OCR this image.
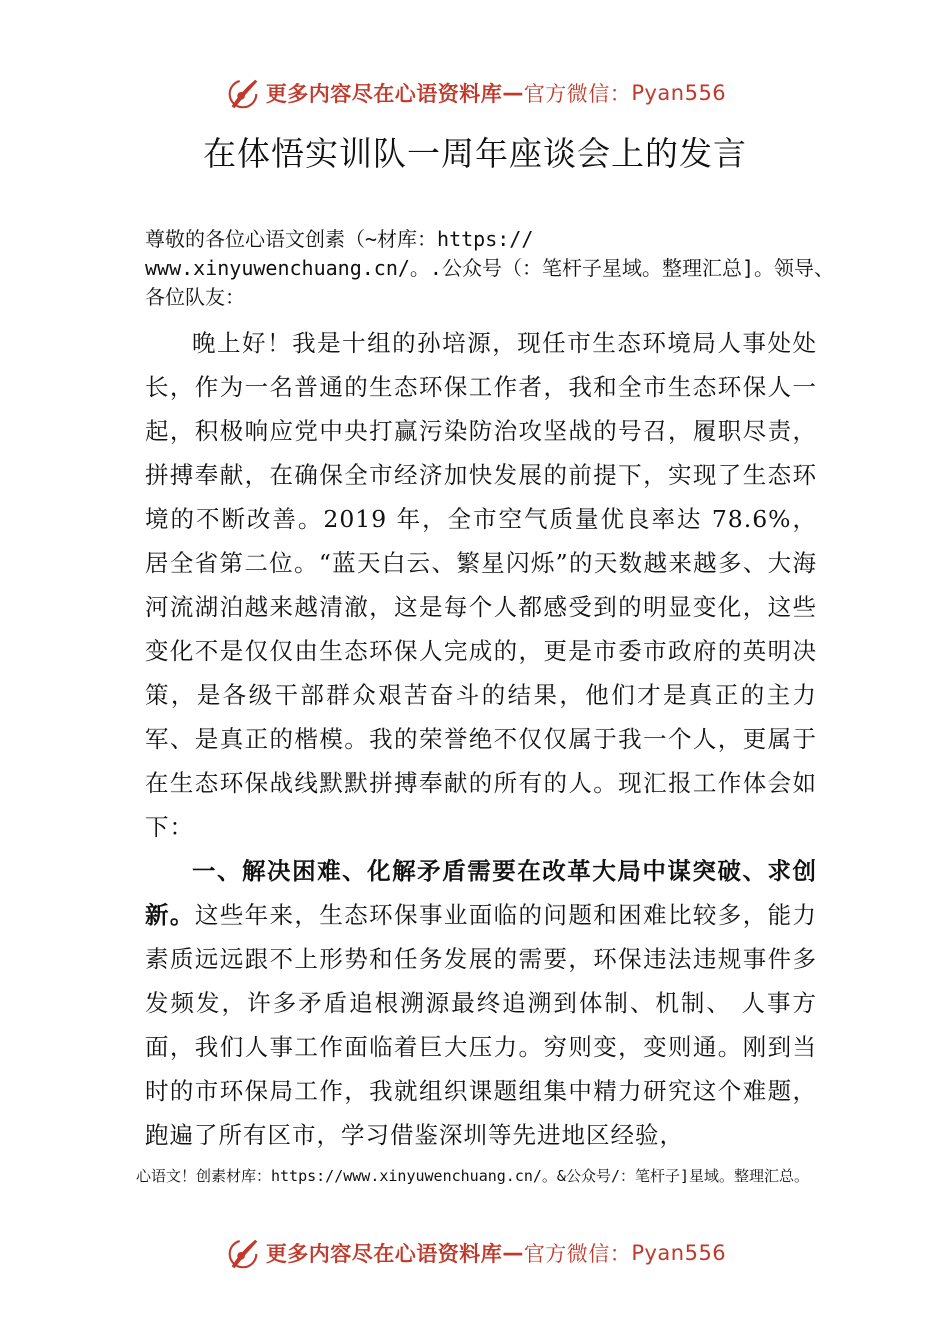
更多内容尽在心语资料库 — 官方微信： Pyan556
在体悟实训队一周年座谈会上的发言

尊敬的各位心语文创素（~材库：https:// www.xinyuwenchuang.cn/。.公众号（：笔杆子星域。整理汇总]。领导、各位队友：

晚上好！我是十组的孙培源，现任市生态环境局人事处处长，作为一名普通的生态环保工作者，我和全市生态环保人一起，积极响应党中央打赢污染防治攻坚战的号召，履职尽责，拼搏奉献，在确保全市经济加快发展的前提下，实现了生态环境的不断改善。2019 年，全市空气质量优良率达 78.6%，居全省第二位。“蓝天白云、繁星闪烁”的天数越来越多、大海河流湖泊越来越清澈，这是每个人都感受到的明显变化，这些变化不是仅仅由生态环保人完成的，更是市委市政府的英明决策，是各级干部群众艰苦奋斗的结果，他们才是真正的主力军、是真正的楷模。我的荣誉绝不仅仅属于我一个人，更属于在生态环保战线默默拼搏奉献的所有的人。现汇报工作体会如下：

一、解决困难、化解矛盾需要在改革大局中谋突破、求创新。这些年来，生态环保事业面临的问题和困难比较多，能力素质远远跟不上形势和任务发展的需要，环保违法违规事件多发频发，许多矛盾追根溯源最终追溯到体制、机制、 人事方面，我们人事工作面临着巨大压力。穷则变，变则通。刚到当时的市环保局工作，我就组织课题组集中精力研究这个难题，跑遍了所有区市，学习借鉴深圳等先进地区经验，

心语文！创素材库：https://www.xinyuwenchuang.cn/。&公众号/：笔杆子]星域。整理汇总。

更多内容尽在心语资料库 — 官方微信： Pyan556
